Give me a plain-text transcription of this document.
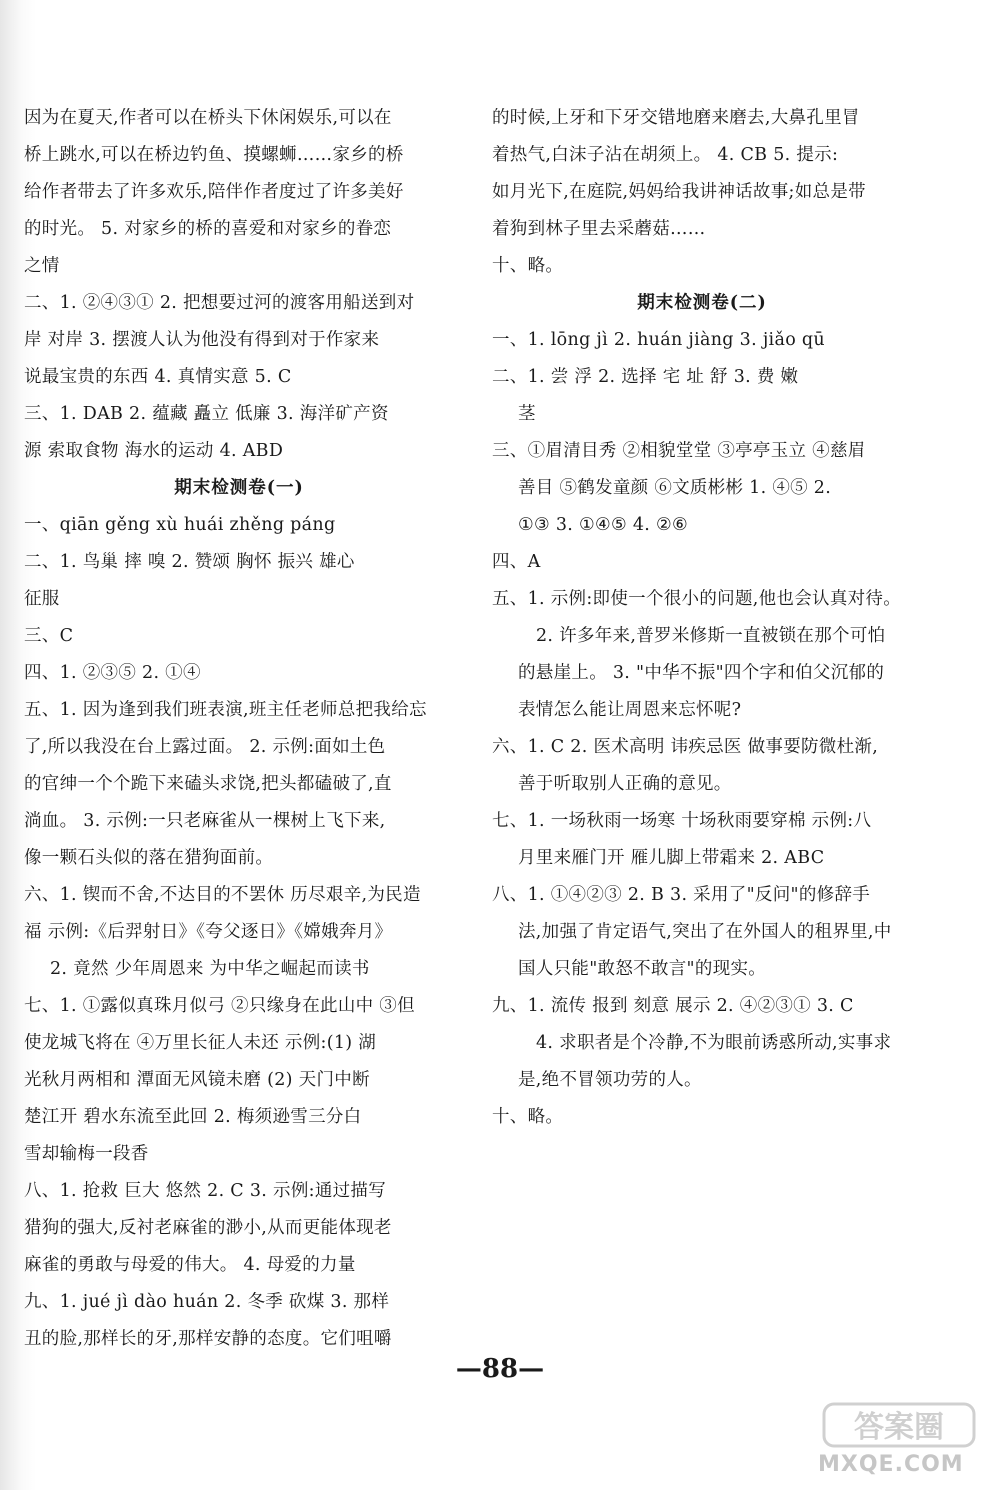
因为在夏天,作者可以在桥头下休闲娱乐,可以在
桥上跳水,可以在桥边钓鱼、摸螺蛳……家乡的桥
给作者带去了许多欢乐,陪伴作者度过了许多美好
的时光。 5. 对家乡的桥的喜爱和对家乡的眷恋
之情
二、1. ②④③① 2. 把想要过河的渡客用船送到对
岸 对岸 3. 摆渡人认为他没有得到对于作家来
说最宝贵的东西 4. 真情实意 5. C
三、1. DAB 2. 蕴藏 矗立 低廉 3. 海洋矿产资
源 索取食物 海水的运动 4. ABD
期末检测卷(一)
一、qiān gěng xù huái zhěng páng
二、1. 鸟巢 摔 嗅 2. 赞颂 胸怀 振兴 雄心
征服
三、C
四、1. ②③⑤ 2. ①④
五、1. 因为逢到我们班表演,班主任老师总把我给忘
了,所以我没在台上露过面。 2. 示例:面如土色
的官绅一个个跪下来磕头求饶,把头都磕破了,直
淌血。 3. 示例:一只老麻雀从一棵树上飞下来,
像一颗石头似的落在猎狗面前。
六、1. 锲而不舍,不达目的不罢休 历尽艰辛,为民造
福 示例:《后羿射日》《夸父逐日》《嫦娥奔月》
2. 竟然 少年周恩来 为中华之崛起而读书
七、1. ①露似真珠月似弓 ②只缘身在此山中 ③但
使龙城飞将在 ④万里长征人未还 示例:(1) 湖
光秋月两相和 潭面无风镜未磨 (2) 天门中断
楚江开 碧水东流至此回 2. 梅须逊雪三分白
雪却输梅一段香
八、1. 抢救 巨大 悠然 2. C 3. 示例:通过描写
猎狗的强大,反衬老麻雀的渺小,从而更能体现老
麻雀的勇敢与母爱的伟大。 4. 母爱的力量
九、1. jué jì dào huán 2. 冬季 砍煤 3. 那样
丑的脸,那样长的牙,那样安静的态度。它们咀嚼
的时候,上牙和下牙交错地磨来磨去,大鼻孔里冒
着热气,白沫子沾在胡须上。 4. CB 5. 提示:
如月光下,在庭院,妈妈给我讲神话故事;如总是带
着狗到林子里去采蘑菇……
十、略。
期末检测卷(二)
一、1. lōng jì 2. huán jiàng 3. jiǎo qū
二、1. 尝 浮 2. 选择 宅 址 舒 3. 费 嫩
茎
三、①眉清目秀 ②相貌堂堂 ③亭亭玉立 ④慈眉
善目 ⑤鹤发童颜 ⑥文质彬彬 1. ④⑤ 2.
①③ 3. ①④⑤ 4. ②⑥
四、A
五、1. 示例:即使一个很小的问题,他也会认真对待。
2. 许多年来,普罗米修斯一直被锁在那个可怕
的悬崖上。 3. "中华不振"四个字和伯父沉郁的
表情怎么能让周恩来忘怀呢?
六、1. C 2. 医术高明 讳疾忌医 做事要防微杜渐,
善于听取别人正确的意见。
七、1. 一场秋雨一场寒 十场秋雨要穿棉 示例:八
月里来雁门开 雁儿脚上带霜来 2. ABC
八、1. ①④②③ 2. B 3. 采用了"反问"的修辞手
法,加强了肯定语气,突出了在外国人的租界里,中
国人只能"敢怒不敢言"的现实。
九、1. 流传 报到 刻意 展示 2. ④②③① 3. C
4. 求职者是个冷静,不为眼前诱惑所动,实事求
是,绝不冒领功劳的人。
十、略。
—88—
答案圈
MXQE.COM
